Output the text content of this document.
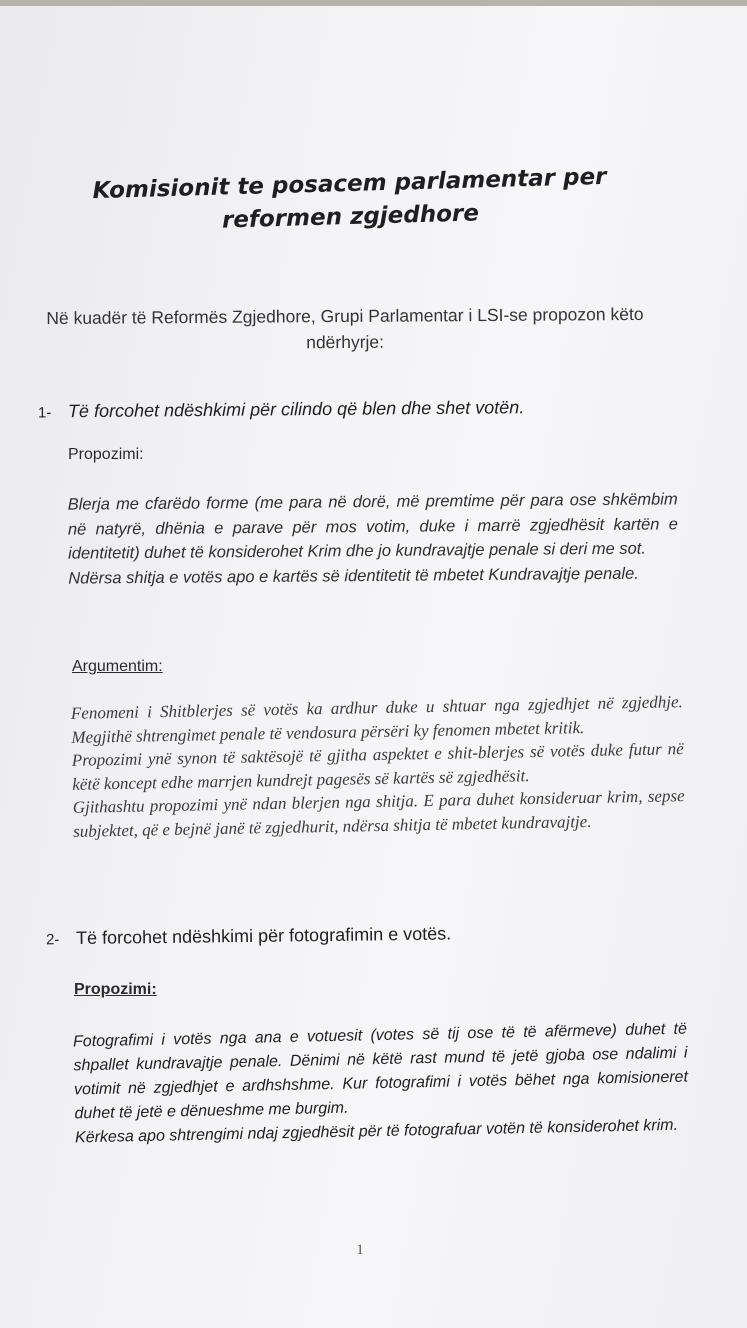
Komisionit te posacem parlamentar per
reformen zgjedhore
Në kuadër të Reformës Zgjedhore, Grupi Parlamentar i LSI-se propozon këto
ndërhyrje:
1- Të forcohet ndëshkimi për cilindo që blen dhe shet votën.
Propozimi:

Blerja me cfarëdo forme (me para në dorë, më premtime për para ose shkëmbim në natyrë, dhënia e parave për mos votim, duke i marrë zgjedhësit kartën e identitetit) duhet të konsiderohet Krim dhe jo kundravajtje penale si deri me sot.

Ndërsa shitja e votës apo e kartës së identitetit të mbetet Kundravajtje penale.

Argumentim:

Fenomeni i Shitblerjes së votës ka ardhur duke u shtuar nga zgjedhjet në zgjedhje. Megjithë shtrengimet penale të vendosura përsëri ky fenomen mbetet kritik.

Propozimi ynë synon të saktësojë të gjitha aspektet e shit-blerjes së votës duke futur në këtë koncept edhe marrjen kundrejt pagesës së kartës së zgjedhësit.

Gjithashtu propozimi ynë ndan blerjen nga shitja. E para duhet konsideruar krim, sepse subjektet, që e bejnë janë të zgjedhurit, ndërsa shitja të mbetet kundravajtje.

2- Të forcohet ndëshkimi për fotografimin e votës.
Propozimi:

Fotografimi i votës nga ana e votuesit (votes së tij ose të të afërmeve) duhet të shpallet kundravajtje penale. Dënimi në këtë rast mund të jetë gjoba ose ndalimi i votimit në zgjedhjet e ardhshshme. Kur fotografimi i votës bëhet nga komisioneret duhet të jetë e dënueshme me burgim.

Kërkesa apo shtrengimi ndaj zgjedhësit për të fotografuar votën të konsiderohet krim.

1
